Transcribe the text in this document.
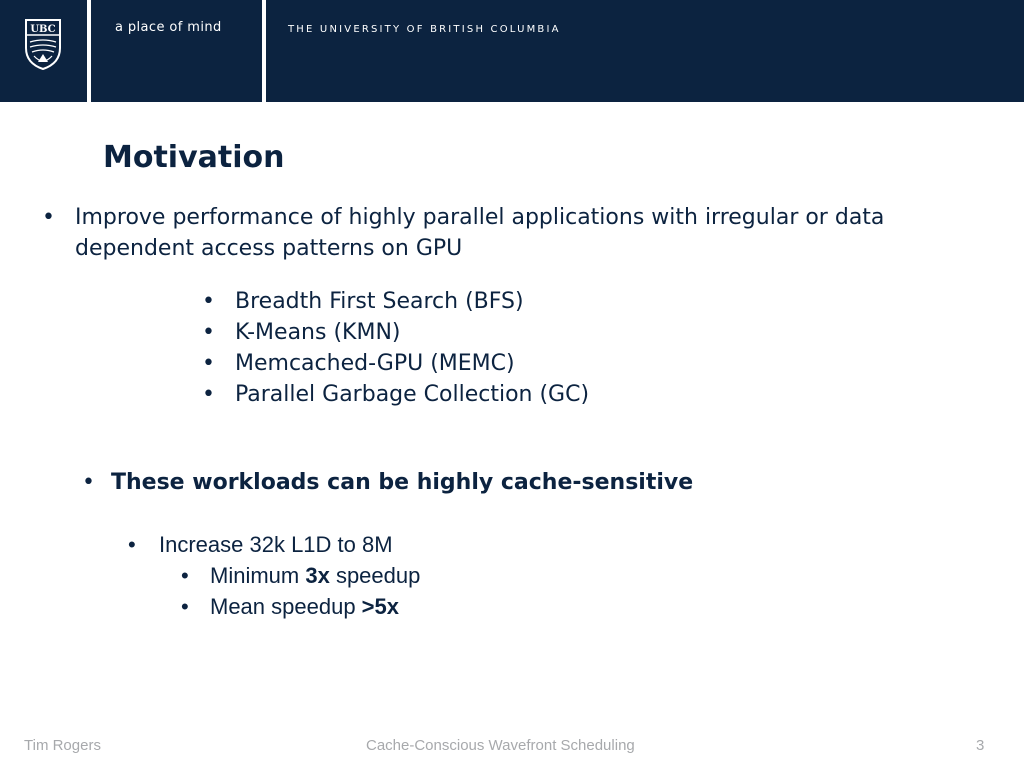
UBC	a place of mind	THE UNIVERSITY OF BRITISH COLUMBIA
Motivation
• Improve performance of highly parallel applications with irregular or data dependent access patterns on GPU
• Breadth First Search (BFS)
• K-Means (KMN)
• Memcached-GPU (MEMC)
• Parallel Garbage Collection (GC)
• These workloads can be highly cache-sensitive
• Increase 32k L1D to 8M
• Minimum 3x speedup
• Mean speedup >5x
Tim Rogers	Cache-Conscious Wavefront Scheduling	3
